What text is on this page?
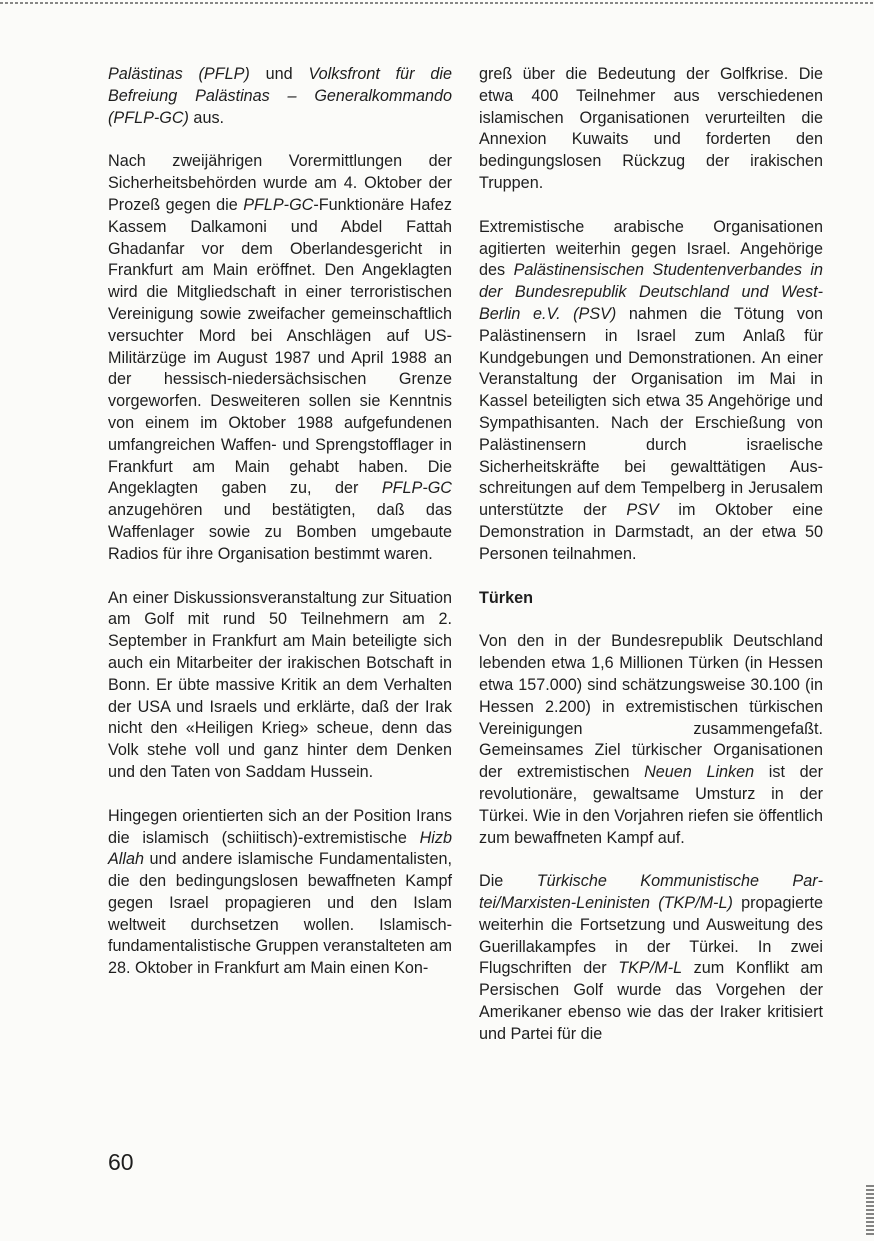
Palästinas (PFLP) und Volksfront für die Befreiung Palästinas – Generalkommando (PFLP-GC) aus.

Nach zweijährigen Vorermittlungen der Sicherheitsbehörden wurde am 4. Oktober der Prozeß gegen die PFLP-GC-Funktionäre Hafez Kassem Dalkamoni und Abdel Fattah Ghadanfar vor dem Oberlandesgericht in Frankfurt am Main eröffnet. Den Angeklagten wird die Mitgliedschaft in einer terroristischen Vereinigung sowie zweifacher gemeinschaftlich versuchter Mord bei Anschlägen auf US-Militärzüge im August 1987 und April 1988 an der hessisch-niedersächsischen Grenze vorgeworfen. Desweiteren sollen sie Kenntnis von einem im Oktober 1988 aufgefundenen umfangreichen Waffen- und Sprengstofflager in Frankfurt am Main gehabt haben. Die Angeklagten gaben zu, der PFLP-GC anzugehören und bestätigten, daß das Waffenlager sowie zu Bomben umgebaute Radios für ihre Organisation bestimmt waren.

An einer Diskussionsveranstaltung zur Situation am Golf mit rund 50 Teilnehmern am 2. September in Frankfurt am Main beteiligte sich auch ein Mitarbeiter der irakischen Botschaft in Bonn. Er übte massive Kritik an dem Verhalten der USA und Israels und erklärte, daß der Irak nicht den «Heiligen Krieg» scheue, denn das Volk stehe voll und ganz hinter dem Denken und den Taten von Saddam Hussein.

Hingegen orientierten sich an der Position Irans die islamisch (schiitisch)-extremistische Hizb Allah und andere islamische Fundamentalisten, die den bedingungslosen bewaffneten Kampf gegen Israel propagieren und den Islam weltweit durchsetzen wollen. Islamisch-fundamentalistische Gruppen veranstalteten am 28. Oktober in Frankfurt am Main einen Kon-

greß über die Bedeutung der Golfkrise. Die etwa 400 Teilnehmer aus verschiedenen islamischen Organisationen verurteilten die Annexion Kuwaits und forderten den bedingungslosen Rückzug der irakischen Truppen.

Extremistische arabische Organisationen agitierten weiterhin gegen Israel. Angehörige des Palästinensischen Studentenverbandes in der Bundesrepublik Deutschland und West-Berlin e.V. (PSV) nahmen die Tötung von Palästinensern in Israel zum Anlaß für Kundgebungen und Demonstrationen. An einer Veranstaltung der Organisation im Mai in Kassel beteiligten sich etwa 35 Angehörige und Sympathisanten. Nach der Erschießung von Palästinensern durch israelische Sicherheitskräfte bei gewalttätigen Ausschreitungen auf dem Tempelberg in Jerusalem unterstützte der PSV im Oktober eine Demonstration in Darmstadt, an der etwa 50 Personen teilnahmen.

Türken

Von den in der Bundesrepublik Deutschland lebenden etwa 1,6 Millionen Türken (in Hessen etwa 157.000) sind schätzungsweise 30.100 (in Hessen 2.200) in extremistischen türkischen Vereinigungen zusammengefaßt. Gemeinsames Ziel türkischer Organisationen der extremistischen Neuen Linken ist der revolutionäre, gewaltsame Umsturz in der Türkei. Wie in den Vorjahren riefen sie öffentlich zum bewaffneten Kampf auf.

Die Türkische Kommunistische Partei/Marxisten-Leninisten (TKP/M-L) propagierte weiterhin die Fortsetzung und Ausweitung des Guerillakampfes in der Türkei. In zwei Flugschriften der TKP/M-L zum Konflikt am Persischen Golf wurde das Vorgehen der Amerikaner ebenso wie das der Iraker kritisiert und Partei für die

60
